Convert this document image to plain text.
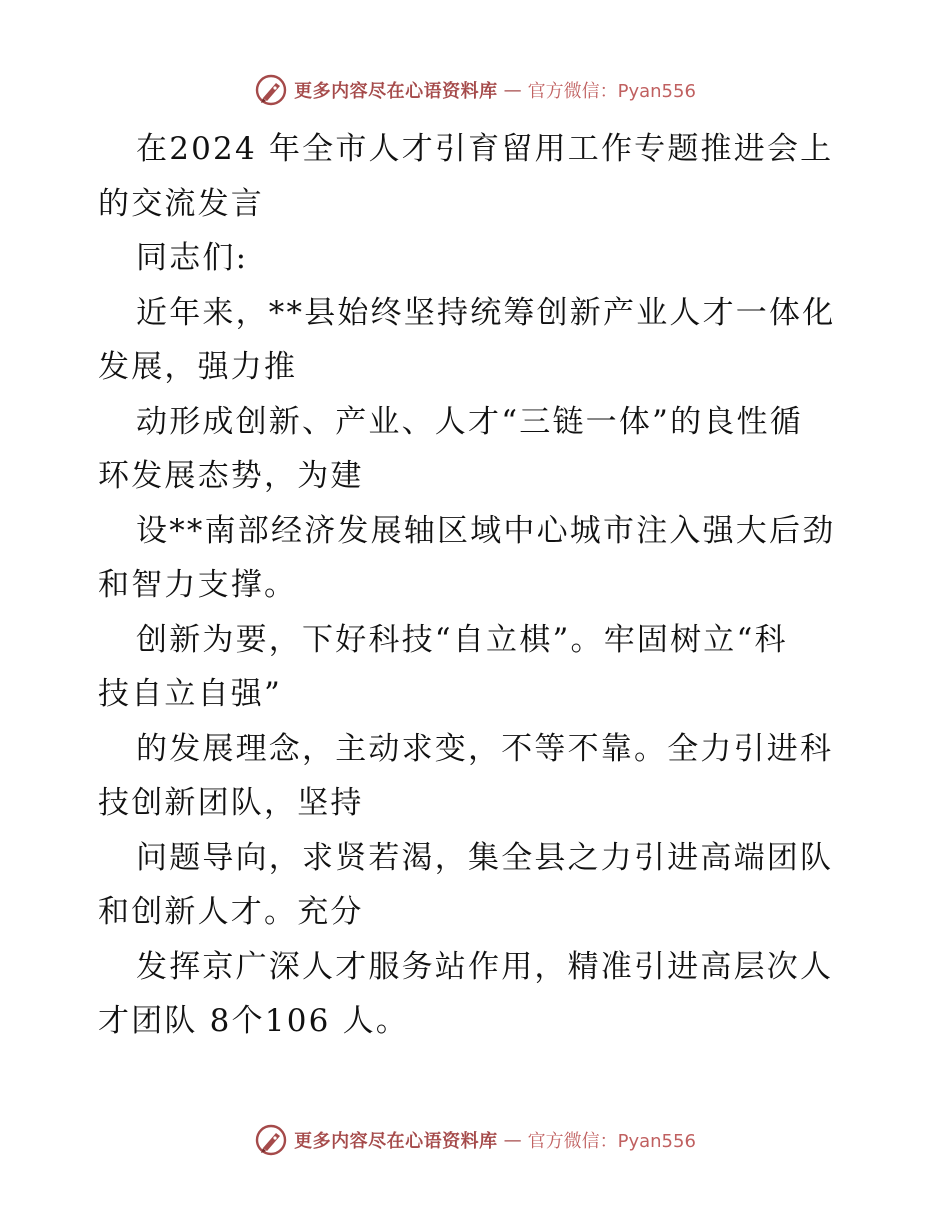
更多内容尽在心语资料库 — 官方微信：Pyan556
在2024 年全市人才引育留用工作专题推进会上
的交流发言
同志们:
近年来，**县始终坚持统筹创新产业人才一体化
发展，强力推
动形成创新、产业、人才“三链一体”的良性循
环发展态势，为建
设**南部经济发展轴区域中心城市注入强大后劲
和智力支撑。
创新为要，下好科技“自立棋”。牢固树立“科
技自立自强”
的发展理念，主动求变，不等不靠。全力引进科
技创新团队，坚持
问题导向，求贤若渴，集全县之力引进高端团队
和创新人才。充分
发挥京广深人才服务站作用，精准引进高层次人
才团队 8个106 人。
更多内容尽在心语资料库 — 官方微信：Pyan556
